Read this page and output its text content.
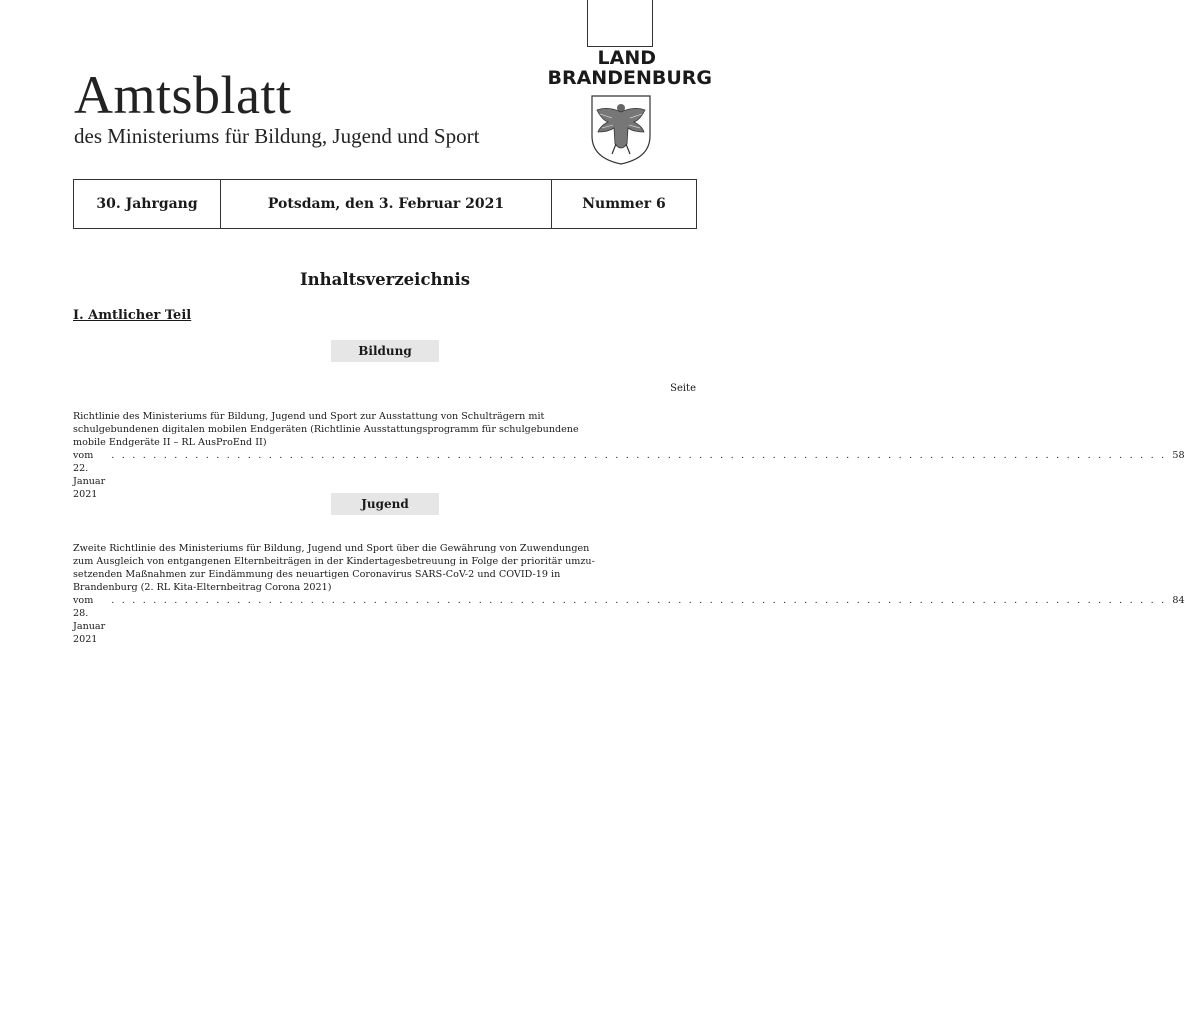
Amtsblatt
des Ministeriums für Bildung, Jugend und Sport
LAND
BRANDENBURG
30. Jahrgang	Potsdam, den 3. Februar 2021	Nummer 6
Inhaltsverzeichnis
I. Amtlicher Teil
Bildung
Seite
Richtlinie des Ministeriums für Bildung, Jugend und Sport zur Ausstattung von Schulträgern mit
schulgebundenen digitalen mobilen Endgeräten (Richtlinie Ausstattungsprogramm für schulgebundene
mobile Endgeräte II – RL AusProEnd II)
vom 22. Januar 2021
. . . . . . . . . . . . . . . . . . . . . . . . . . . . . . . . . . . . . . . . . . . . . . . . . . . . . . . . . . . . . . . . . . . . . . . . . . . . . . . . . . . . . . . . . . . . . . . . . . . . . 58
Jugend
Zweite Richtlinie des Ministeriums für Bildung, Jugend und Sport über die Gewährung von Zuwendungen
zum Ausgleich von entgangenen Elternbeiträgen in der Kindertagesbetreuung in Folge der prioritär umzu-
setzenden Maßnahmen zur Eindämmung des neuartigen Coronavirus SARS-CoV-2 und COVID-19 in
Brandenburg (2. RL Kita-Elternbeitrag Corona 2021)
vom 28. Januar 2021
. . . . . . . . . . . . . . . . . . . . . . . . . . . . . . . . . . . . . . . . . . . . . . . . . . . . . . . . . . . . . . . . . . . . . . . . . . . . . . . . . . . . . . . . . . . . . . . . . . . . . 84
